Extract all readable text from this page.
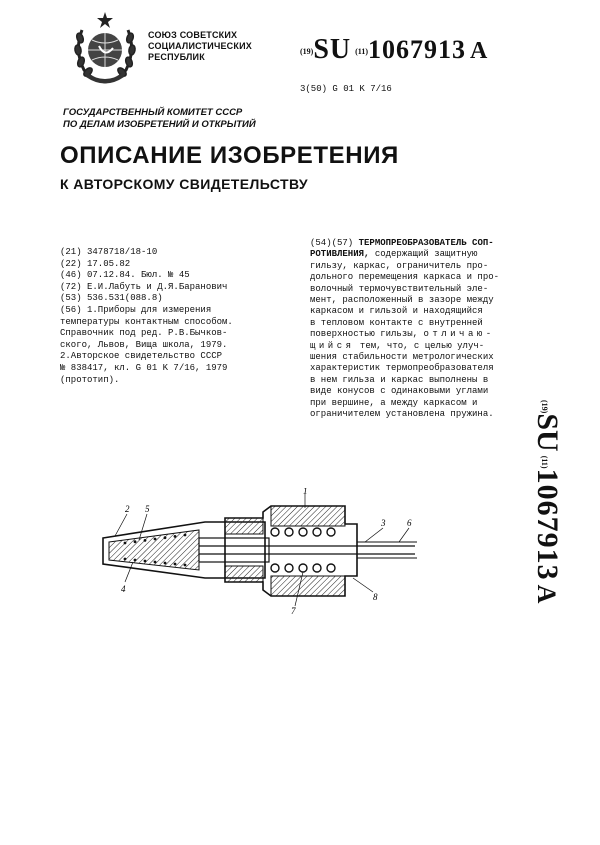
СОЮЗ СОВЕТСКИХ
СОЦИАЛИСТИЧЕСКИХ
РЕСПУБЛИК
$^{(19)}$SU $^{(11)}$1067913 A
3(50) G 01 K 7/16
ГОСУДАРСТВЕННЫЙ КОМИТЕТ СССР
ПО ДЕЛАМ ИЗОБРЕТЕНИЙ И ОТКРЫТИЙ
ОПИСАНИЕ ИЗОБРЕТЕНИЯ
К АВТОРСКОМУ СВИДЕТЕЛЬСТВУ
(21) 3478718/18-10
(22) 17.05.82
(46) 07.12.84. Бюл. № 45
(72) Е.И.Лабуть и Д.Я.Баранович
(53) 536.531(088.8)
(56) 1.Приборы для измерения
температуры контактным способом.
Справочник под ред. Р.В.Бычков-
ского, Львов, Вища школа, 1979.
2.Авторское свидетельство СССР
№ 838417, кл. G 01 K 7/16, 1979
(прототип).
(54)(57) ТЕРМОПРЕОБРАЗОВАТЕЛЬ СОП-
РОТИВЛЕНИЯ, содержащий защитную
гильзу, каркас, ограничитель про-
дольного перемещения каркаса и про-
волочный термочувствительный эле-
мент, расположенный в зазоре между
каркасом и гильзой и находящийся
в тепловом контакте с внутренней
поверхностью гильзы, отличаю-
щийся тем, что, с целью улуч-
шения стабильности метрологических
характеристик термопреобразователя
в нем гильза и каркас выполнены в
виде конусов с одинаковыми углами
при вершине, а между каркасом и
ограничителем установлена пружина.
$^{(19)}$SU $^{(11)}$1067913 A
2 5
4
1
3 6
7
8
